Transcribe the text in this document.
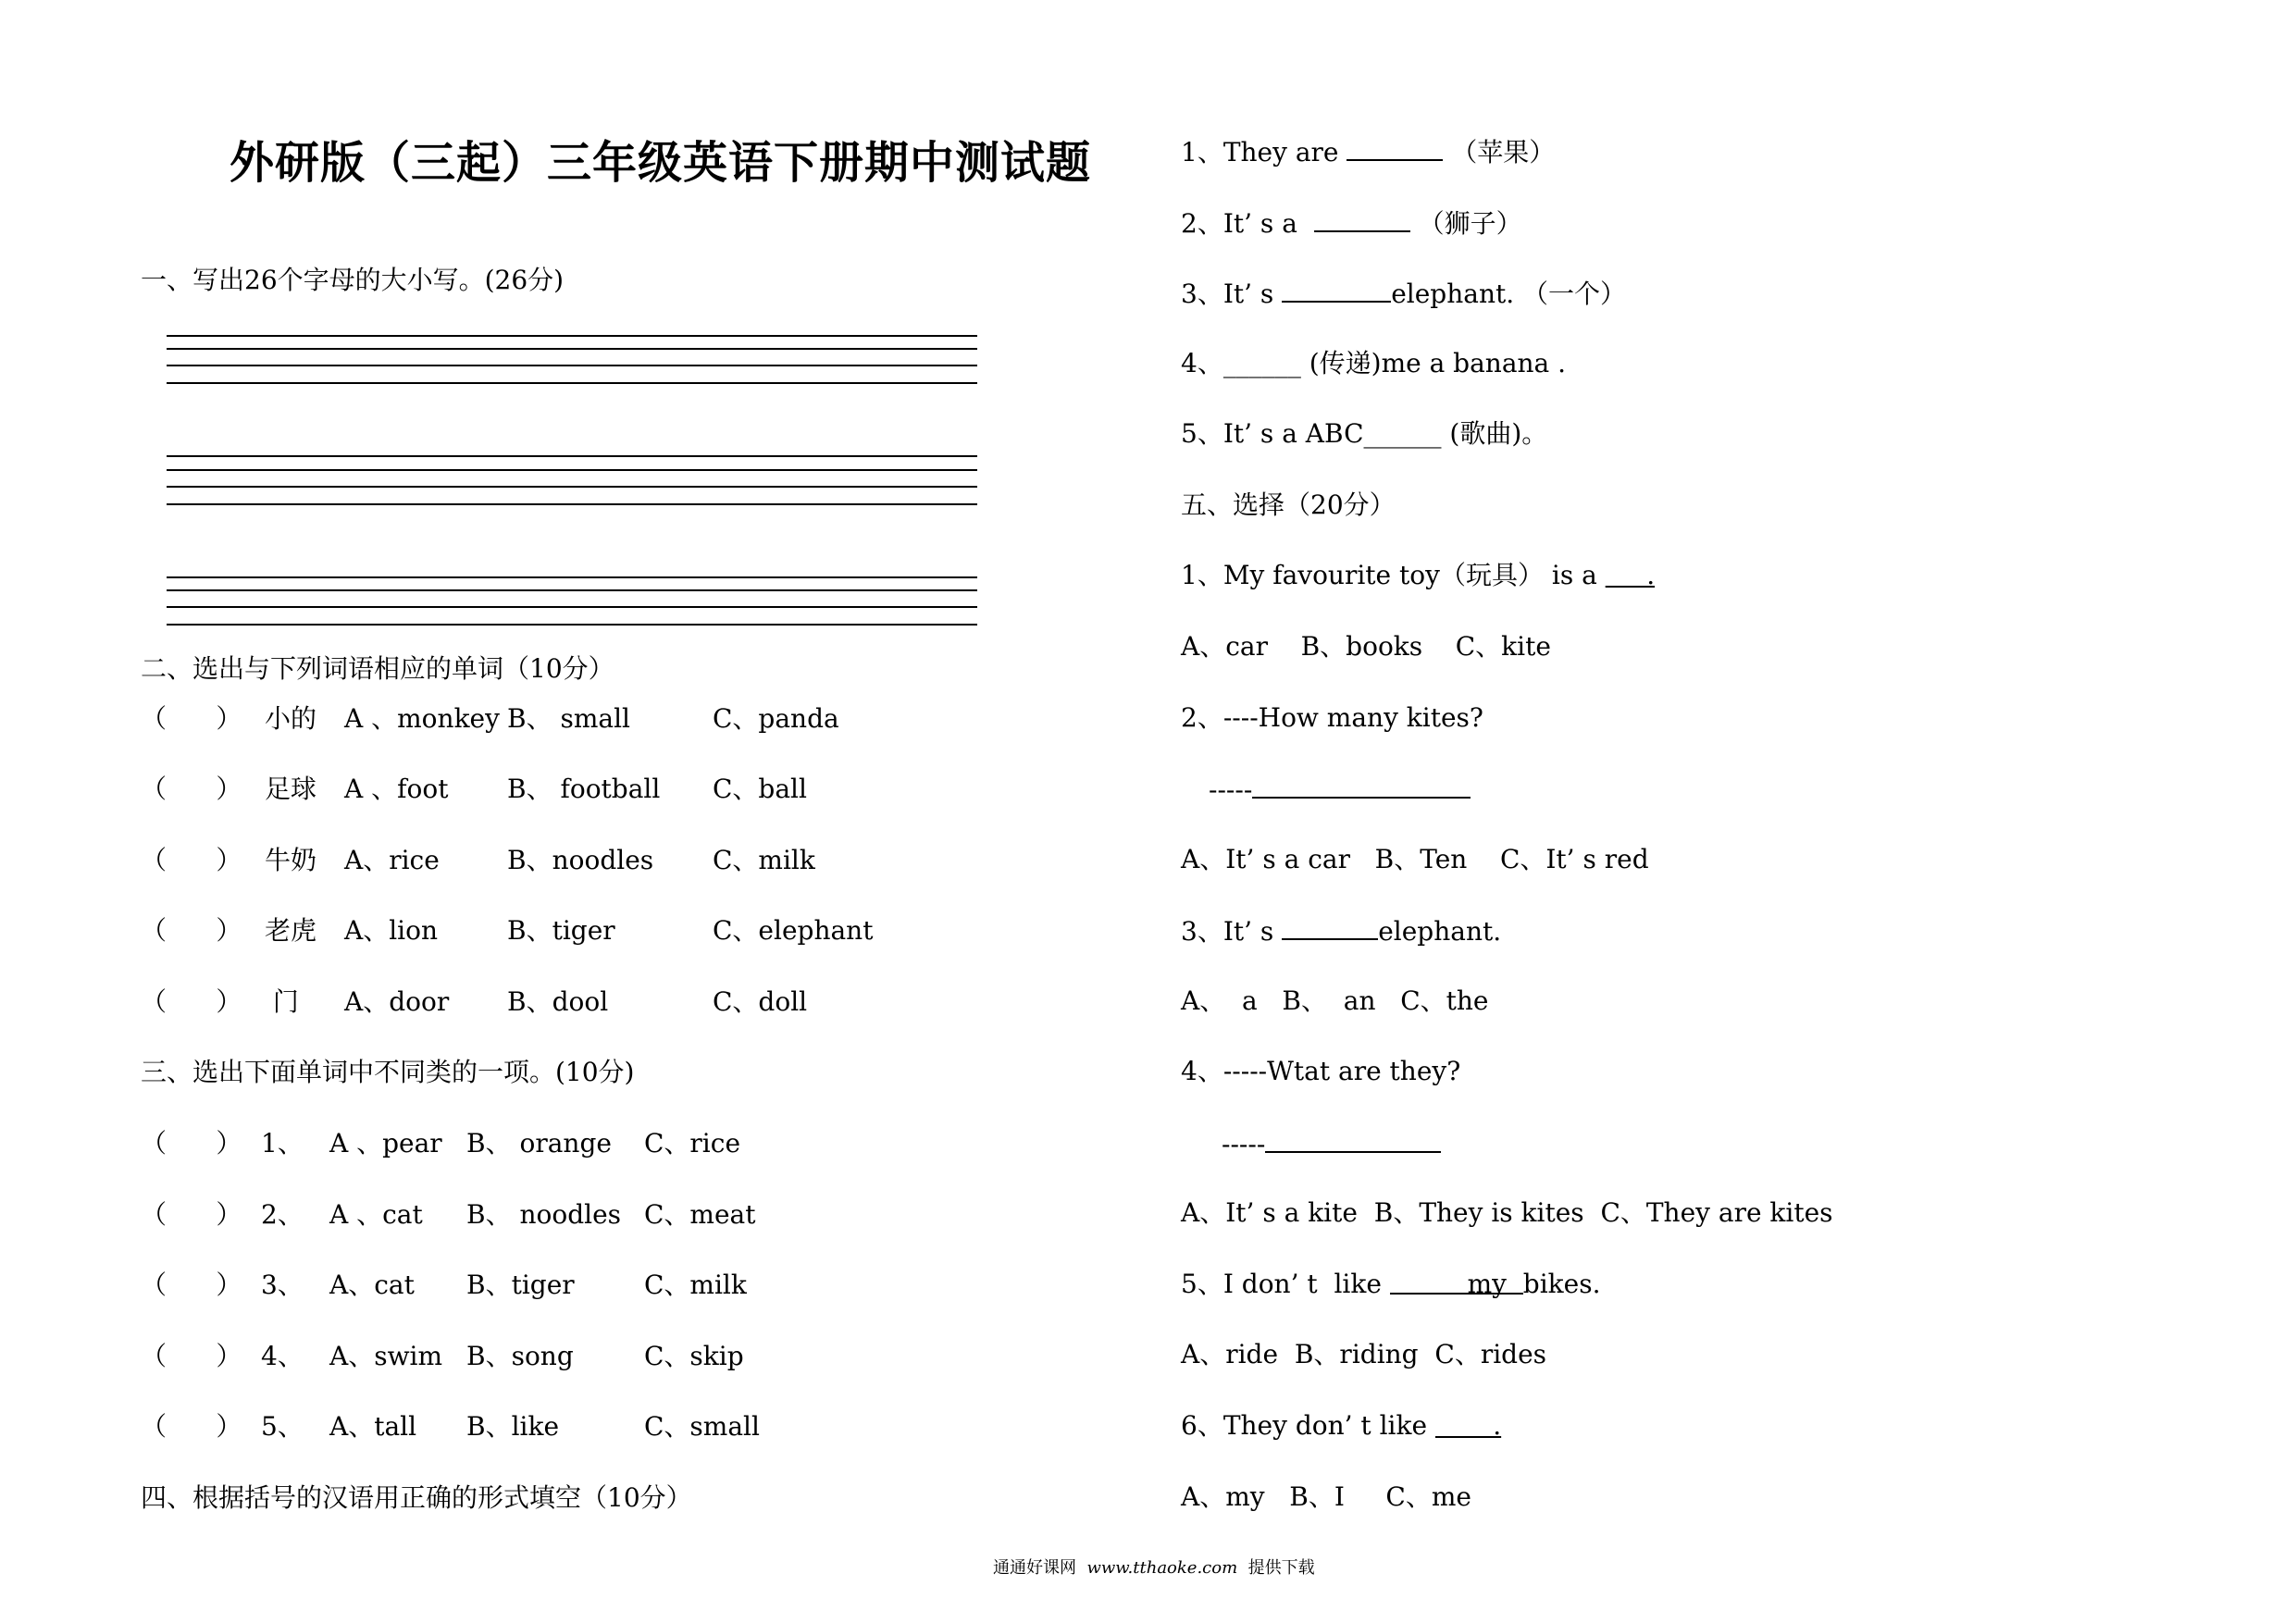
外研版（三起）三年级英语下册期中测试题
一、写出26个字母的大小写。(26分)
二、选出与下列词语相应的单词（10分）
（      ） 小的 A 、monkey B、 small	C、panda
（      ） 足球 A 、foot B、 football C、ball
（      ） 牛奶 A、rice	B、noodles C、milk
（      ） 老虎 A、lion	B、tiger	C、elephant
（      ） 门 A、door B、dool	C、doll
三、选出下面单词中不同类的一项。(10分)
（      ） 1、 A 、pear B、 orange C、rice
（      ） 2、 A 、cat B、 noodles C、meat
（      ） 3、 A、cat B、tiger	C、milk
（      ） 4、 A、swim B、song	C、skip
（      ） 5、 A、tall B、like	C、small
四、根据括号的汉语用正确的形式填空（10分）
1、They are	（苹果）
2、It’ s a	（狮子）
3、It’ s	elephant. （一个）
4、______ (传递)me a banana .
5、It’ s a ABC______ (歌曲)。
五、选择（20分）
1、My favourite toy（玩具） is a      .
A、car    B、books    C、kite
2、----How many kites?
-----
A、It’ s a car   B、Ten    C、It’ s red
3、It’ s	elephant.
A、  a   B、  an   C、the
4、-----Wtat are they?
-----
A、It’ s a kite  B、They is kites  C、They are kites
5、I don’ t  like	my  bikes.
A、ride  B、riding  C、rides
6、They don’ t like        .
A、my   B、I     C、me
通通好课网 www.tthaoke.com 提供下载
